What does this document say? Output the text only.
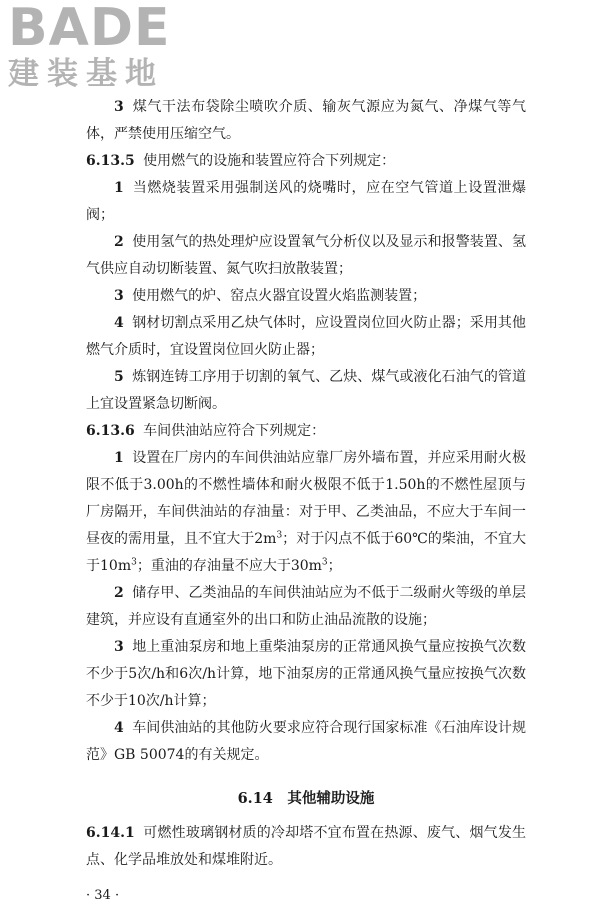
BADE
建装基地

3 煤气干法布袋除尘喷吹介质、输灰气源应为氮气、净煤气等气体，严禁使用压缩空气。

6.13.5 使用燃气的设施和装置应符合下列规定：

1 当燃烧装置采用强制送风的烧嘴时，应在空气管道上设置泄爆阀；

2 使用氢气的热处理炉应设置氧气分析仪以及显示和报警装置、氢气供应自动切断装置、氮气吹扫放散装置；

3 使用燃气的炉、窑点火器宜设置火焰监测装置；

4 钢材切割点采用乙炔气体时，应设置岗位回火防止器；采用其他燃气介质时，宜设置岗位回火防止器；

5 炼钢连铸工序用于切割的氧气、乙炔、煤气或液化石油气的管道上宜设置紧急切断阀。

6.13.6 车间供油站应符合下列规定：

1 设置在厂房内的车间供油站应靠厂房外墙布置，并应采用耐火极限不低于3.00h的不燃性墙体和耐火极限不低于1.50h的不燃性屋顶与厂房隔开，车间供油站的存油量：对于甲、乙类油品，不应大于车间一昼夜的需用量，且不宜大于$2m^3$；对于闪点不低于60℃的柴油，不宜大于$10m^3$；重油的存油量不应大于$30m^3$；

2 储存甲、乙类油品的车间供油站应为不低于二级耐火等级的单层建筑，并应设有直通室外的出口和防止油品流散的设施；

3 地上重油泵房和地上重柴油泵房的正常通风换气量应按换气次数不少于5次/h和6次/h计算，地下油泵房的正常通风换气量应按换气次数不少于10次/h计算；

4 车间供油站的其他防火要求应符合现行国家标准《石油库设计规范》GB 50074的有关规定。

6.14 其他辅助设施

6.14.1 可燃性玻璃钢材质的冷却塔不宜布置在热源、废气、烟气发生点、化学品堆放处和煤堆附近。

· 34 ·
